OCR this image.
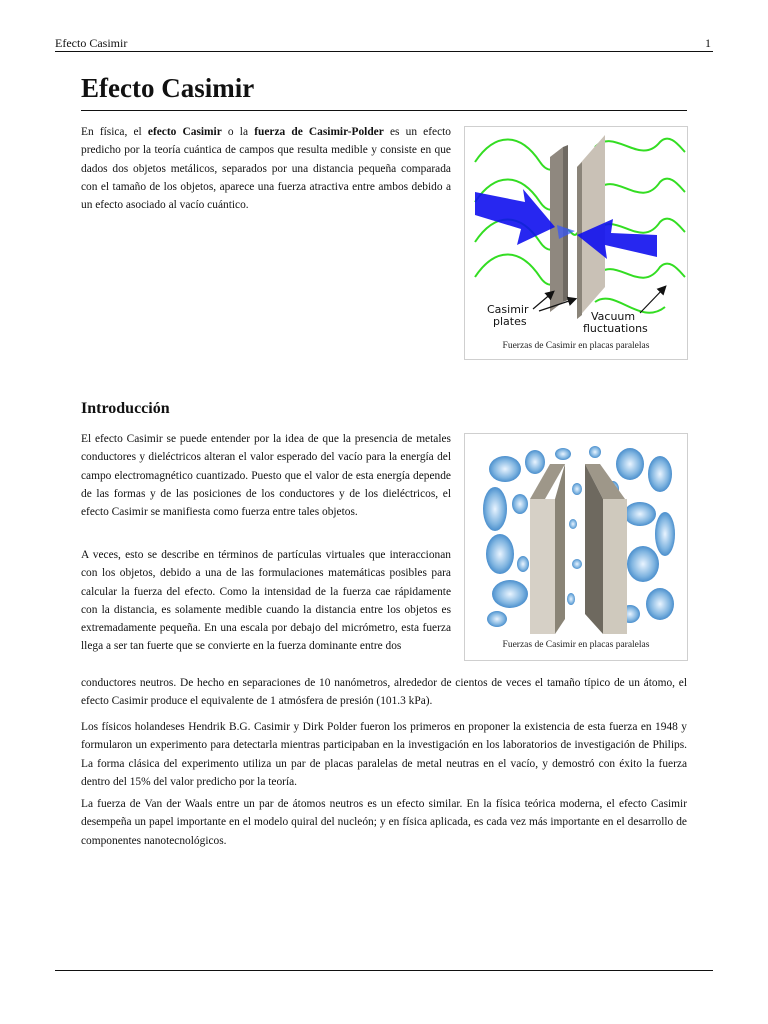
Efecto Casimir	1
Efecto Casimir

En física, el efecto Casimir o la fuerza de Casimir-Polder es un efecto predicho por la teoría cuántica de campos que resulta medible y consiste en que dados dos objetos metálicos, separados por una distancia pequeña comparada con el tamaño de los objetos, aparece una fuerza atractiva entre ambos debido a un efecto asociado al vacío cuántico.

Casimir
plates	Vacuum
fluctuations
Fuerzas de Casimir en placas paralelas
Introducción

El efecto Casimir se puede entender por la idea de que la presencia de metales conductores y dieléctricos alteran el valor esperado del vacío para la energía del campo electromagnético cuantizado. Puesto que el valor de esta energía depende de las formas y de las posiciones de los conductores y de los dieléctricos, el efecto Casimir se manifiesta como fuerza entre tales objetos.

A veces, esto se describe en términos de partículas virtuales que interaccionan con los objetos, debido a una de las formulaciones matemáticas posibles para calcular la fuerza del efecto. Como la intensidad de la fuerza cae rápidamente con la distancia, es solamente medible cuando la distancia entre los objetos es extremadamente pequeña. En una escala por debajo del micrómetro, esta fuerza llega a ser tan fuerte que se convierte en la fuerza dominante entre dos	Fuerzas de Casimir en placas paralelas

conductores neutros. De hecho en separaciones de 10 nanómetros, alrededor de cientos de veces el tamaño típico de un átomo, el efecto Casimir produce el equivalente de 1 atmósfera de presión (101.3 kPa).

Los físicos holandeses Hendrik B.G. Casimir y Dirk Polder fueron los primeros en proponer la existencia de esta fuerza en 1948 y formularon un experimento para detectarla mientras participaban en la investigación en los laboratorios de investigación de Philips. La forma clásica del experimento utiliza un par de placas paralelas de metal neutras en el vacío, y demostró con éxito la fuerza dentro del 15% del valor predicho por la teoría.

La fuerza de Van der Waals entre un par de átomos neutros es un efecto similar. En la física teórica moderna, el efecto Casimir desempeña un papel importante en el modelo quiral del nucleón; y en física aplicada, es cada vez más importante en el desarrollo de componentes nanotecnológicos.
